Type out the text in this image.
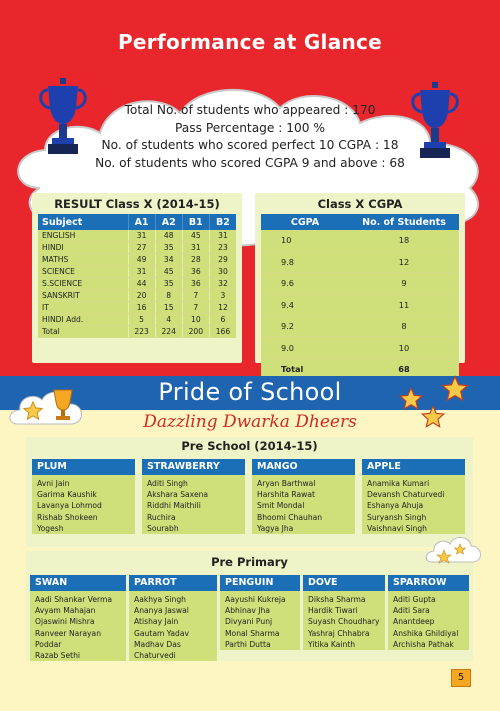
Performance at Glance
Total No. of students who appeared : 170
Pass Percentage : 100 %
No. of students who scored perfect 10 CGPA : 18
No. of students who scored CGPA 9 and above : 68
RESULT Class X (2014-15)
Subject	A1	A2	B1	B2
ENGLISH	31	48	45	31
HINDI	27	35	31	23
MATHS	49	34	28	29
SCIENCE	31	45	36	30
S.SCIENCE	44	35	36	32
SANSKRIT	20	8	7	3
IT	16	15	7	12
HINDI Add.	5	4	10	6
Total	223	224	200	166
Class X CGPA
CGPA	No. of Students
10	18
9.8	12
9.6	9
9.4	11
9.2	8
9.0	10
Total	68
Pride of School
Dazzling Dwarka Dheers
Pre School (2014-15)
PLUM
Avni Jain
Garima Kaushik
Lavanya Lohmod
Rishab Shokeen
Yogesh
STRAWBERRY
Aditi Singh
Akshara Saxena
Riddhi Maithili
Ruchira
Sourabh
MANGO
Aryan Barthwal
Harshita Rawat
Smit Mondal
Bhoomi Chauhan
Yagya Jha
APPLE
Anamika Kumari
Devansh Chaturvedi
Eshanya Ahuja
Suryansh Singh
Vaishnavi Singh
Pre Primary
SWAN
Aadi Shankar Verma
Avyam Mahajan
Ojaswini Mishra
Ranveer Narayan Poddar
Razab Sethi
PARROT
Aakhya Singh
Ananya Jaswal
Atishay Jain
Gautam Yadav
Madhav Das Chaturvedi
PENGUIN
Aayushi Kukreja
Abhinav Jha
Divyani Punj
Monal Sharma
Parthi Dutta
DOVE
Diksha Sharma
Hardik Tiwari
Suyash Choudhary
Yashraj Chhabra
Yitika Kainth
SPARROW
Aditi Gupta
Aditi Sara
Anantdeep
Anshika Ghildiyal
Archisha Pathak
5
